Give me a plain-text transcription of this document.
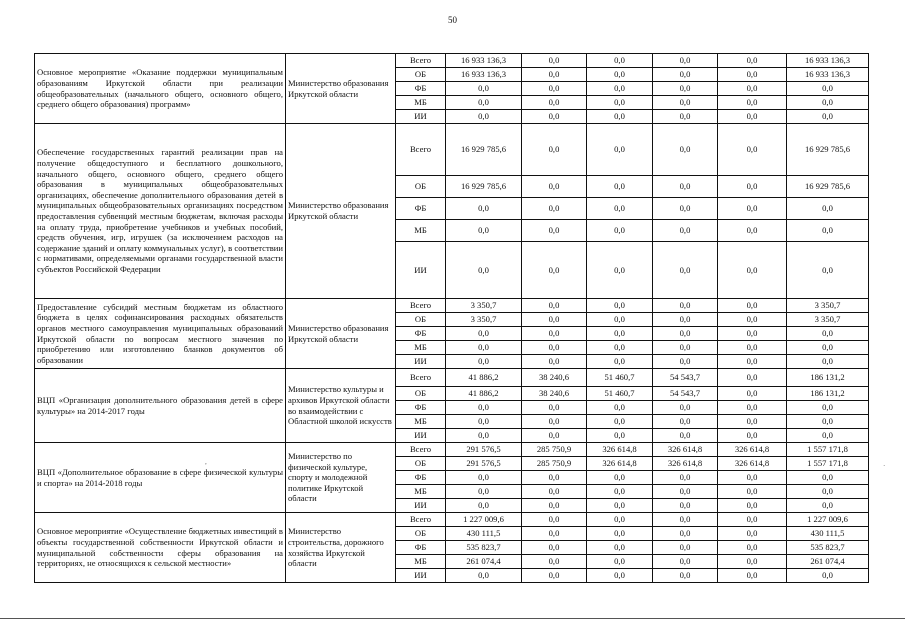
50
Основное мероприятие «Оказание поддержки муниципальным образованиям Иркутской области при реализации общеобразовательных (начального общего, основного общего, среднего общего образования) программ»	Министерство образования Иркутской области	Всего	16 933 136,3	0,0	0,0	0,0	0,0	16 933 136,3
		ОБ	16 933 136,3	0,0	0,0	0,0	0,0	16 933 136,3
		ФБ	0,0	0,0	0,0	0,0	0,0	0,0
		МБ	0,0	0,0	0,0	0,0	0,0	0,0
		ИИ	0,0	0,0	0,0	0,0	0,0	0,0
Обеспечение государственных гарантий реализации прав на получение общедоступного и бесплатного дошкольного, начального общего, основного общего, среднего общего образования в муниципальных общеобразовательных организациях, обеспечение дополнительного образования детей в муниципальных общеобразовательных организациях посредством предоставления субвенций местным бюджетам, включая расходы на оплату труда, приобретение учебников и учебных пособий, средств обучения, игр, игрушек (за исключением расходов на содержание зданий и оплату коммунальных услуг), в соответствии с нормативами, определяемыми органами государственной власти субъектов Российской Федерации	Министерство образования Иркутской области	Всего	16 929 785,6	0,0	0,0	0,0	0,0	16 929 785,6
		ОБ	16 929 785,6	0,0	0,0	0,0	0,0	16 929 785,6
		ФБ	0,0	0,0	0,0	0,0	0,0	0,0
		МБ	0,0	0,0	0,0	0,0	0,0	0,0
		ИИ	0,0	0,0	0,0	0,0	0,0	0,0
Предоставление субсидий местным бюджетам из областного бюджета в целях софинансирования расходных обязательств органов местного самоуправления муниципальных образований Иркутской области по вопросам местного значения по приобретению или изготовлению бланков документов об образовании	Министерство образования Иркутской области	Всего	3 350,7	0,0	0,0	0,0	0,0	3 350,7
		ОБ	3 350,7	0,0	0,0	0,0	0,0	3 350,7
		ФБ	0,0	0,0	0,0	0,0	0,0	0,0
		МБ	0,0	0,0	0,0	0,0	0,0	0,0
		ИИ	0,0	0,0	0,0	0,0	0,0	0,0
ВЦП «Организация дополнительного образования детей в сфере культуры» на 2014-2017 годы	Министерство культуры и архивов Иркутской области во взаимодействии с Областной школой искусств	Всего	41 886,2	38 240,6	51 460,7	54 543,7	0,0	186 131,2
		ОБ	41 886,2	38 240,6	51 460,7	54 543,7	0,0	186 131,2
		ФБ	0,0	0,0	0,0	0,0	0,0	0,0
		МБ	0,0	0,0	0,0	0,0	0,0	0,0
		ИИ	0,0	0,0	0,0	0,0	0,0	0,0
ВЦП «Дополнительное образование в сфере физической культуры и спорта» на 2014-2018 годы	Министерство по физической культуре, спорту и молодежной политике Иркутской области	Всего	291 576,5	285 750,9	326 614,8	326 614,8	326 614,8	1 557 171,8
		ОБ	291 576,5	285 750,9	326 614,8	326 614,8	326 614,8	1 557 171,8
		ФБ	0,0	0,0	0,0	0,0	0,0	0,0
		МБ	0,0	0,0	0,0	0,0	0,0	0,0
		ИИ	0,0	0,0	0,0	0,0	0,0	0,0
Основное мероприятие «Осуществление бюджетных инвестиций в объекты государственной собственности Иркутской области и муниципальной собственности сферы образования на территориях, не относящихся к сельской местности»	Министерство строительства, дорожного хозяйства Иркутской области	Всего	1 227 009,6	0,0	0,0	0,0	0,0	1 227 009,6
		ОБ	430 111,5	0,0	0,0	0,0	0,0	430 111,5
		ФБ	535 823,7	0,0	0,0	0,0	0,0	535 823,7
		МБ	261 074,4	0,0	0,0	0,0	0,0	261 074,4
		ИИ	0,0	0,0	0,0	0,0	0,0	0,0
,	·
